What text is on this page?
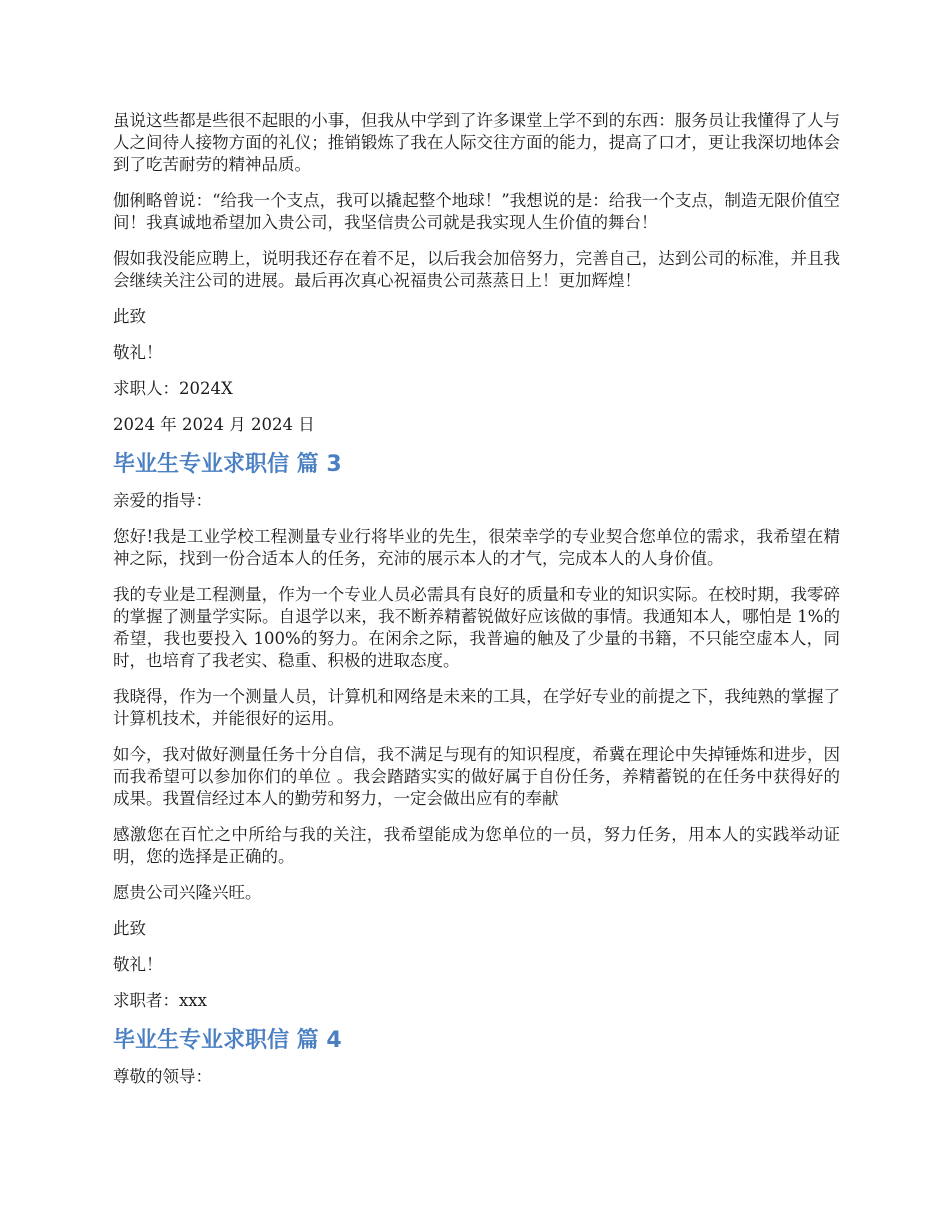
虽说这些都是些很不起眼的小事，但我从中学到了许多课堂上学不到的东西：服务员让我懂得了人与人之间待人接物方面的礼仪；推销锻炼了我在人际交往方面的能力，提高了口才，更让我深切地体会到了吃苦耐劳的精神品质。

伽俐略曾说：“给我一个支点，我可以撬起整个地球！”我想说的是：给我一个支点，制造无限价值空间！我真诚地希望加入贵公司，我坚信贵公司就是我实现人生价值的舞台！

假如我没能应聘上，说明我还存在着不足，以后我会加倍努力，完善自己，达到公司的标准，并且我会继续关注公司的进展。最后再次真心祝福贵公司蒸蒸日上！更加辉煌！

此致

敬礼！

求职人：2024X

2024 年 2024 月 2024 日

毕业生专业求职信 篇 3

亲爱的指导：

您好!我是工业学校工程测量专业行将毕业的先生，很荣幸学的专业契合您单位的需求，我希望在精神之际，找到一份合适本人的任务，充沛的展示本人的才气，完成本人的人身价值。

我的专业是工程测量，作为一个专业人员必需具有良好的质量和专业的知识实际。在校时期，我零碎的掌握了测量学实际。自退学以来，我不断养精蓄锐做好应该做的事情。我通知本人，哪怕是 1%的希望，我也要投入 100%的努力。在闲余之际，我普遍的触及了少量的书籍，不只能空虚本人，同时，也培育了我老实、稳重、积极的进取态度。

我晓得，作为一个测量人员，计算机和网络是未来的工具，在学好专业的前提之下，我纯熟的掌握了计算机技术，并能很好的运用。

如今，我对做好测量任务十分自信，我不满足与现有的知识程度，希冀在理论中失掉锤炼和进步，因而我希望可以参加你们的单位 。我会踏踏实实的做好属于自份任务，养精蓄锐的在任务中获得好的成果。我置信经过本人的勤劳和努力，一定会做出应有的奉献

感激您在百忙之中所给与我的关注，我希望能成为您单位的一员，努力任务，用本人的实践举动证明，您的选择是正确的。

愿贵公司兴隆兴旺。

此致

敬礼！

求职者：xxx

毕业生专业求职信 篇 4

尊敬的领导：
